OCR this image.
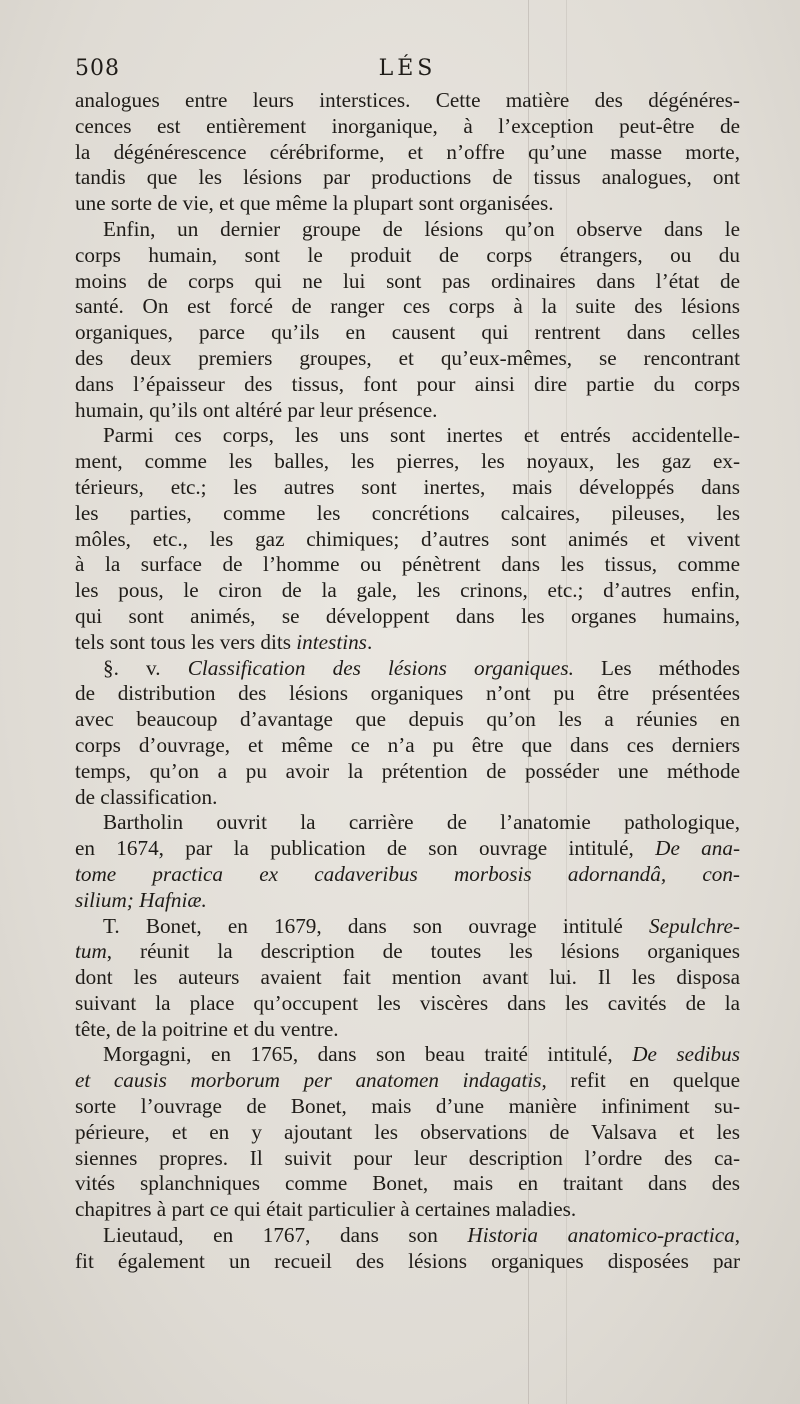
508	LÉS
analogues entre leurs interstices. Cette matière des dégénéres-
cences est entièrement inorganique, à l’exception peut-être de
la dégénérescence cérébriforme, et n’offre qu’une masse morte,
tandis que les lésions par productions de tissus analogues, ont
une sorte de vie, et que même la plupart sont organisées.
Enfin, un dernier groupe de lésions qu’on observe dans le
corps humain, sont le produit de corps étrangers, ou du
moins de corps qui ne lui sont pas ordinaires dans l’état de
santé. On est forcé de ranger ces corps à la suite des lésions
organiques, parce qu’ils en causent qui rentrent dans celles
des deux premiers groupes, et qu’eux-mêmes, se rencontrant
dans l’épaisseur des tissus, font pour ainsi dire partie du corps
humain, qu’ils ont altéré par leur présence.
Parmi ces corps, les uns sont inertes et entrés accidentelle-
ment, comme les balles, les pierres, les noyaux, les gaz ex-
térieurs, etc.; les autres sont inertes, mais développés dans
les parties, comme les concrétions calcaires, pileuses, les
môles, etc., les gaz chimiques; d’autres sont animés et vivent
à la surface de l’homme ou pénètrent dans les tissus, comme
les pous, le ciron de la gale, les crinons, etc.; d’autres enfin,
qui sont animés, se développent dans les organes humains,
tels sont tous les vers dits intestins.
§. v. Classification des lésions organiques. Les méthodes
de distribution des lésions organiques n’ont pu être présentées
avec beaucoup d’avantage que depuis qu’on les a réunies en
corps d’ouvrage, et même ce n’a pu être que dans ces derniers
temps, qu’on a pu avoir la prétention de posséder une méthode
de classification.
Bartholin ouvrit la carrière de l’anatomie pathologique,
en 1674, par la publication de son ouvrage intitulé, De ana-
tome practica ex cadaveribus morbosis adornandâ, con-
silium; Hafniæ.
T. Bonet, en 1679, dans son ouvrage intitulé Sepulchre-
tum, réunit la description de toutes les lésions organiques
dont les auteurs avaient fait mention avant lui. Il les disposa
suivant la place qu’occupent les viscères dans les cavités de la
tête, de la poitrine et du ventre.
Morgagni, en 1765, dans son beau traité intitulé, De sedibus
et causis morborum per anatomen indagatis, refit en quelque
sorte l’ouvrage de Bonet, mais d’une manière infiniment su-
périeure, et en y ajoutant les observations de Valsava et les
siennes propres. Il suivit pour leur description l’ordre des ca-
vités splanchniques comme Bonet, mais en traitant dans des
chapitres à part ce qui était particulier à certaines maladies.
Lieutaud, en 1767, dans son Historia anatomico-practica,
fit également un recueil des lésions organiques disposées par
